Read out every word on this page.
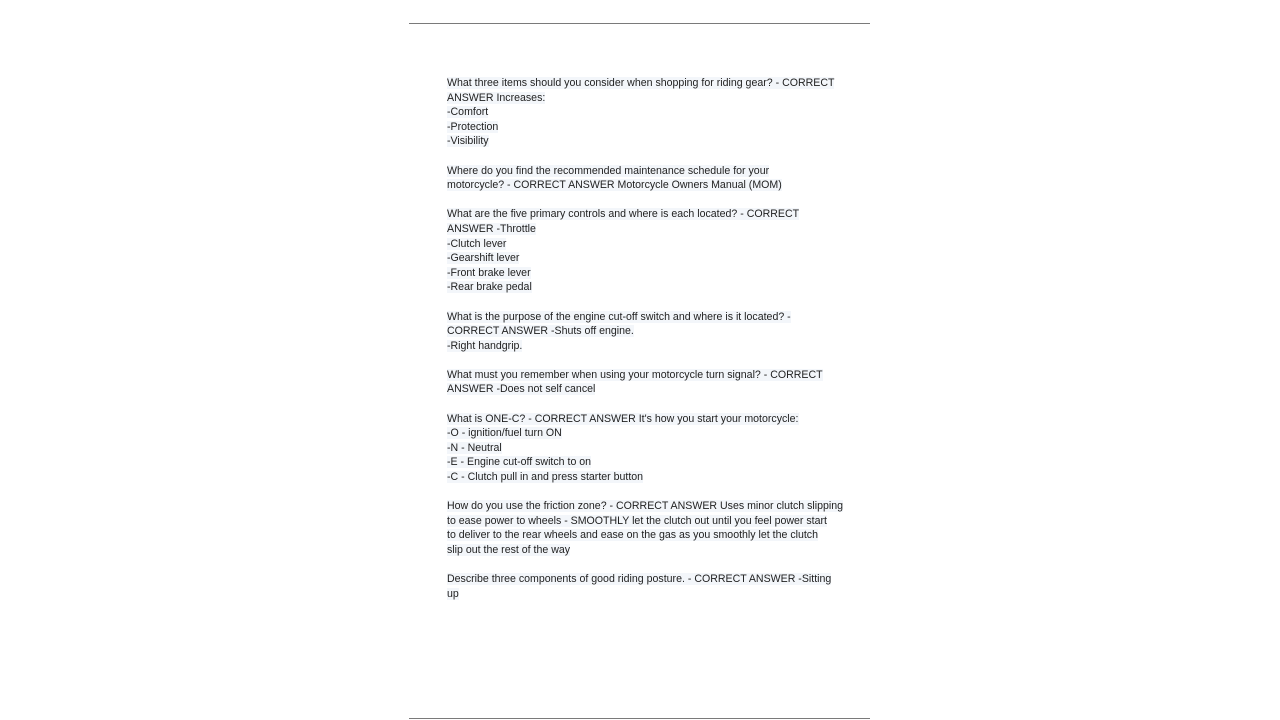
What three items should you consider when shopping for riding gear? - CORRECT
ANSWER Increases:
-Comfort
-Protection
-Visibility
Where do you find the recommended maintenance schedule for your
motorcycle? - CORRECT ANSWER Motorcycle Owners Manual (MOM)
What are the five primary controls and where is each located? - CORRECT
ANSWER -Throttle
-Clutch lever
-Gearshift lever
-Front brake lever
-Rear brake pedal
What is the purpose of the engine cut-off switch and where is it located? -
CORRECT ANSWER -Shuts off engine.
-Right handgrip.
What must you remember when using your motorcycle turn signal? - CORRECT
ANSWER -Does not self cancel
What is ONE-C? - CORRECT ANSWER It's how you start your motorcycle:
-O - ignition/fuel turn ON
-N - Neutral
-E - Engine cut-off switch to on
-C - Clutch pull in and press starter button
How do you use the friction zone? - CORRECT ANSWER Uses minor clutch slipping
to ease power to wheels - SMOOTHLY let the clutch out until you feel power start
to deliver to the rear wheels and ease on the gas as you smoothly let the clutch
slip out the rest of the way
Describe three components of good riding posture. - CORRECT ANSWER -Sitting
up
